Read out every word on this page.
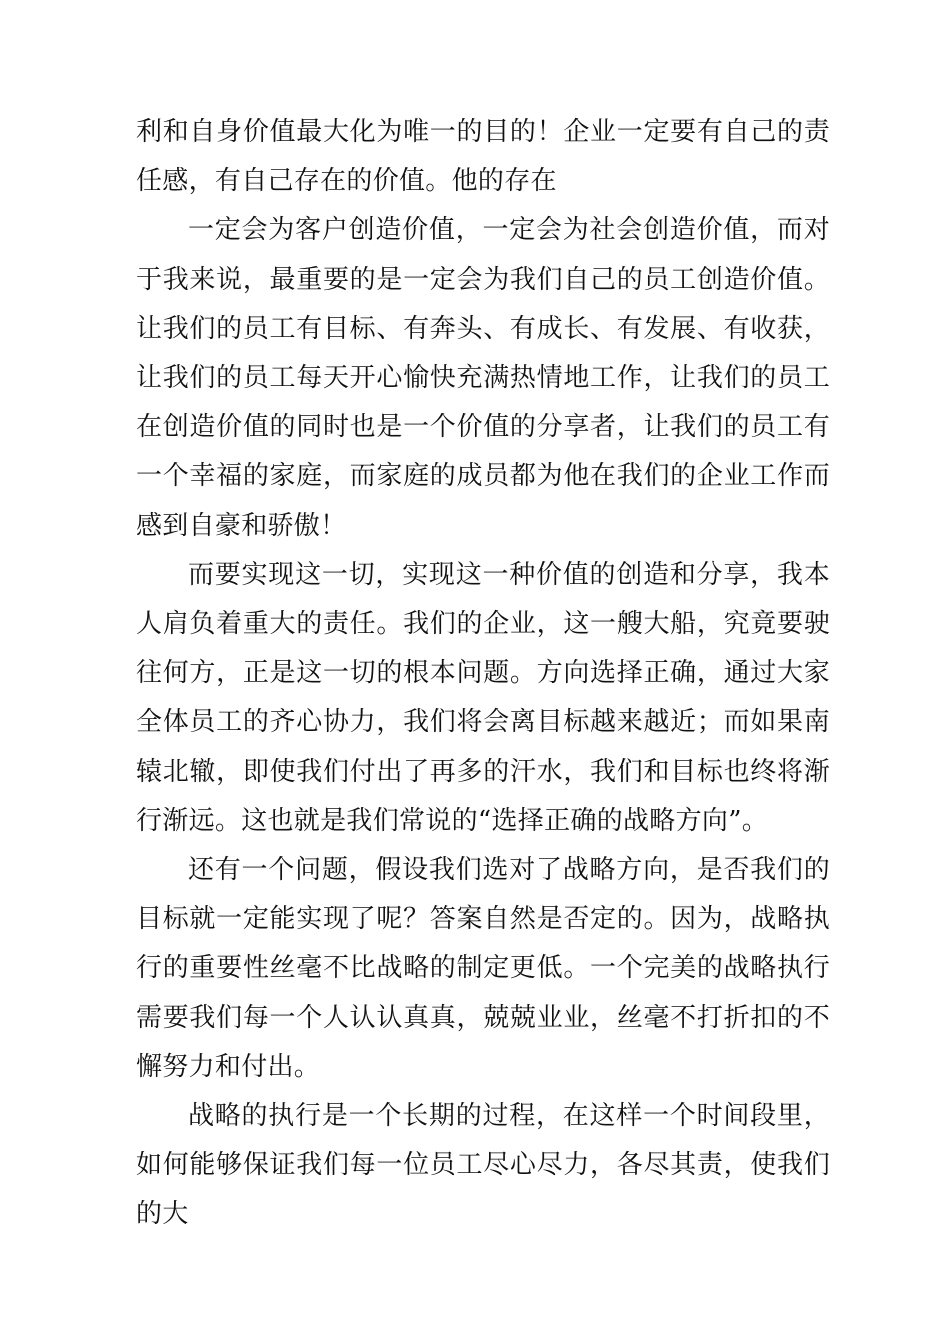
利和自身价值最大化为唯一的目的！企业一定要有自己的责任感，有自己存在的价值。他的存在

一定会为客户创造价值，一定会为社会创造价值，而对于我来说，最重要的是一定会为我们自己的员工创造价值。让我们的员工有目标、有奔头、有成长、有发展、有收获，让我们的员工每天开心愉快充满热情地工作，让我们的员工在创造价值的同时也是一个价值的分享者，让我们的员工有一个幸福的家庭，而家庭的成员都为他在我们的企业工作而感到自豪和骄傲！

而要实现这一切，实现这一种价值的创造和分享，我本人肩负着重大的责任。我们的企业，这一艘大船，究竟要驶往何方，正是这一切的根本问题。方向选择正确，通过大家全体员工的齐心协力，我们将会离目标越来越近；而如果南辕北辙，即使我们付出了再多的汗水，我们和目标也终将渐行渐远。这也就是我们常说的“选择正确的战略方向”。

还有一个问题，假设我们选对了战略方向，是否我们的目标就一定能实现了呢？答案自然是否定的。因为，战略执行的重要性丝毫不比战略的制定更低。一个完美的战略执行需要我们每一个人认认真真，兢兢业业，丝毫不打折扣的不懈努力和付出。

战略的执行是一个长期的过程，在这样一个时间段里，如何能够保证我们每一位员工尽心尽力，各尽其责，使我们的大
